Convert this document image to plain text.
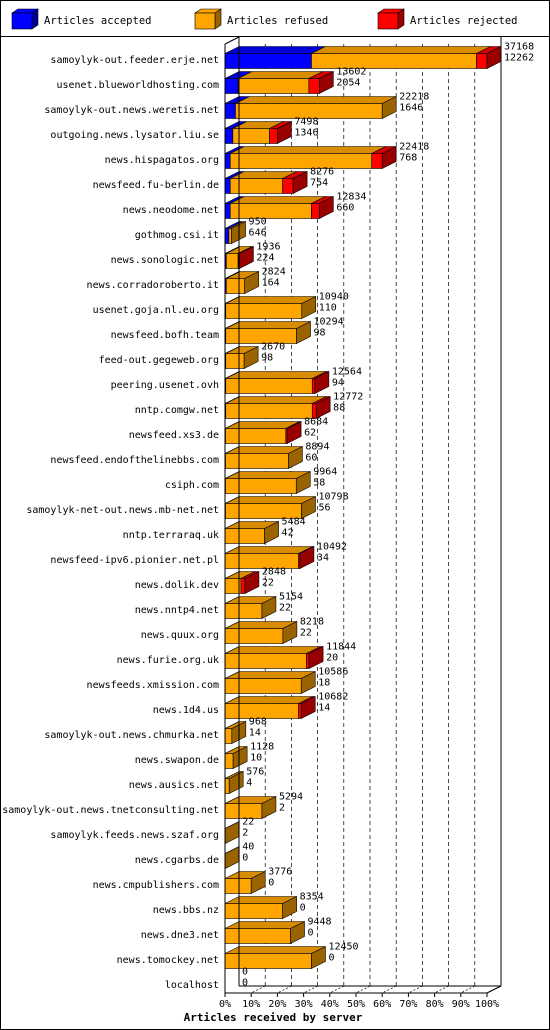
Articles accepted	Articles refused	Articles rejected
37168
12262
13602
2054
22218
1646
7498
1346
22418
768
8276
754
12834
660
950
646
1936
224
2824
164
10940
110
10294
98
2670
98
12564
94
12772
88
8684
62
8894
60
9964
58
10798
56
5484
42
10492
34
2848
22
5154
22
8218
22
11844
20
10586
18
10682
14
968
14
1128
10
576
4
5294
2
22
2
40
0
3776
0
8354
0
9448
0
12450
0
0
0
samoylyk-out.feeder.erje.net
usenet.blueworldhosting.com
samoylyk-out.news.weretis.net
outgoing.news.lysator.liu.se
news.hispagatos.org
newsfeed.fu-berlin.de
news.neodome.net
gothmog.csi.it
news.sonologic.net
news.corradoroberto.it
usenet.goja.nl.eu.org
newsfeed.bofh.team
feed-out.gegeweb.org
peering.usenet.ovh
nntp.comgw.net
newsfeed.xs3.de
newsfeed.endofthelinebbs.com
csiph.com
samoylyk-net-out.news.mb-net.net
nntp.terraraq.uk
newsfeed-ipv6.pionier.net.pl
news.dolik.dev
news.nntp4.net
news.quux.org
news.furie.org.uk
newsfeeds.xmission.com
news.1d4.us
samoylyk-out.news.chmurka.net
news.swapon.de
news.ausics.net
samoylyk-out.news.tnetconsulting.net
samoylyk.feeds.news.szaf.org
news.cgarbs.de
news.cmpublishers.com
news.bbs.nz
news.dne3.net
news.tomockey.net
localhost
0% 10% 20% 30% 40% 50% 60% 70% 80% 90% 100%
Articles received by server
